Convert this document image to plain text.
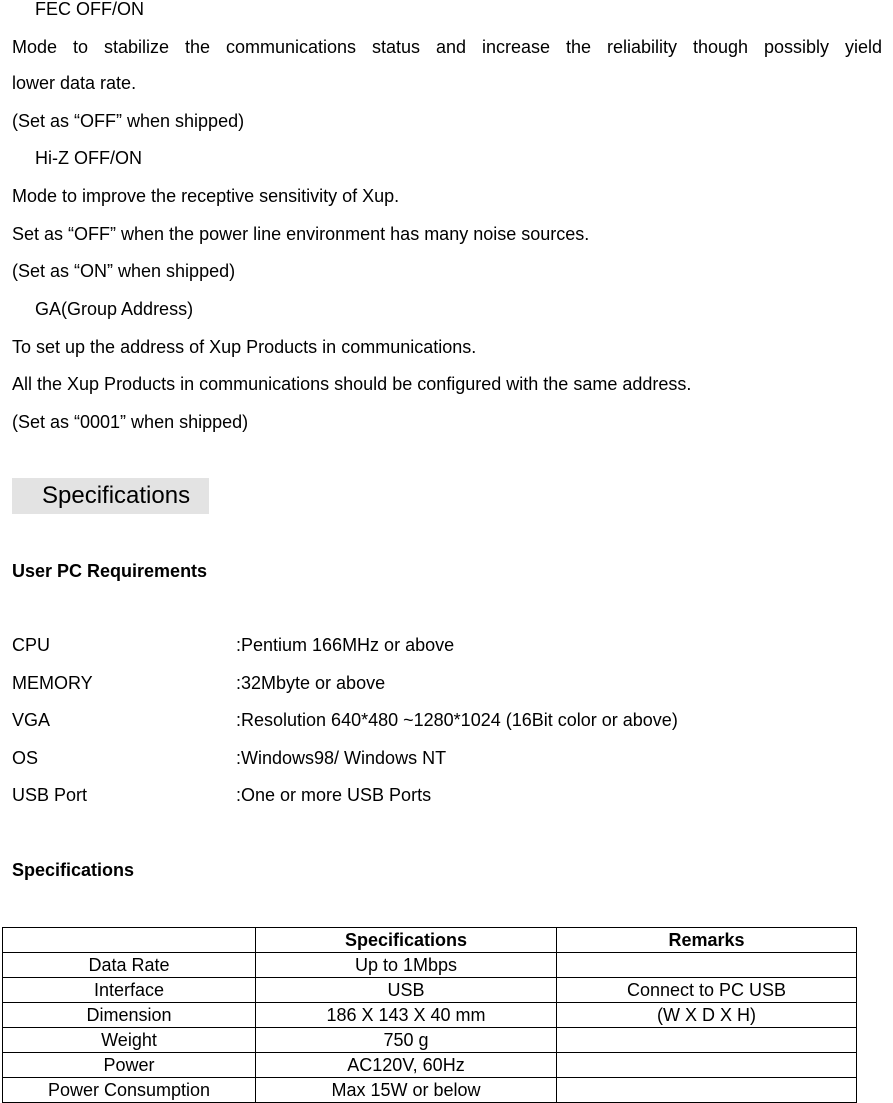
FEC OFF/ON
Mode to stabilize the communications status and increase the reliability though possibly yield
lower data rate.
(Set as “OFF” when shipped)
Hi-Z OFF/ON
Mode to improve the receptive sensitivity of Xup.
Set as “OFF” when the power line environment has many noise sources.
(Set as “ON” when shipped)
GA(Group Address)
To set up the address of Xup Products in communications.
All the Xup Products in communications should be configured with the same address.
(Set as “0001” when shipped)
Specifications
User PC Requirements
CPU	:Pentium 166MHz or above
MEMORY	:32Mbyte or above
VGA	:Resolution 640*480 ~1280*1024 (16Bit color or above)
OS	:Windows98/ Windows NT
USB Port	:One or more USB Ports
Specifications
	Specifications	Remarks
Data Rate	Up to 1Mbps	
Interface	USB	Connect to PC USB
Dimension	186 X 143 X 40 mm	(W X D X H)
Weight	750 g	
Power	AC120V, 60Hz	
Power Consumption	Max 15W or below	
